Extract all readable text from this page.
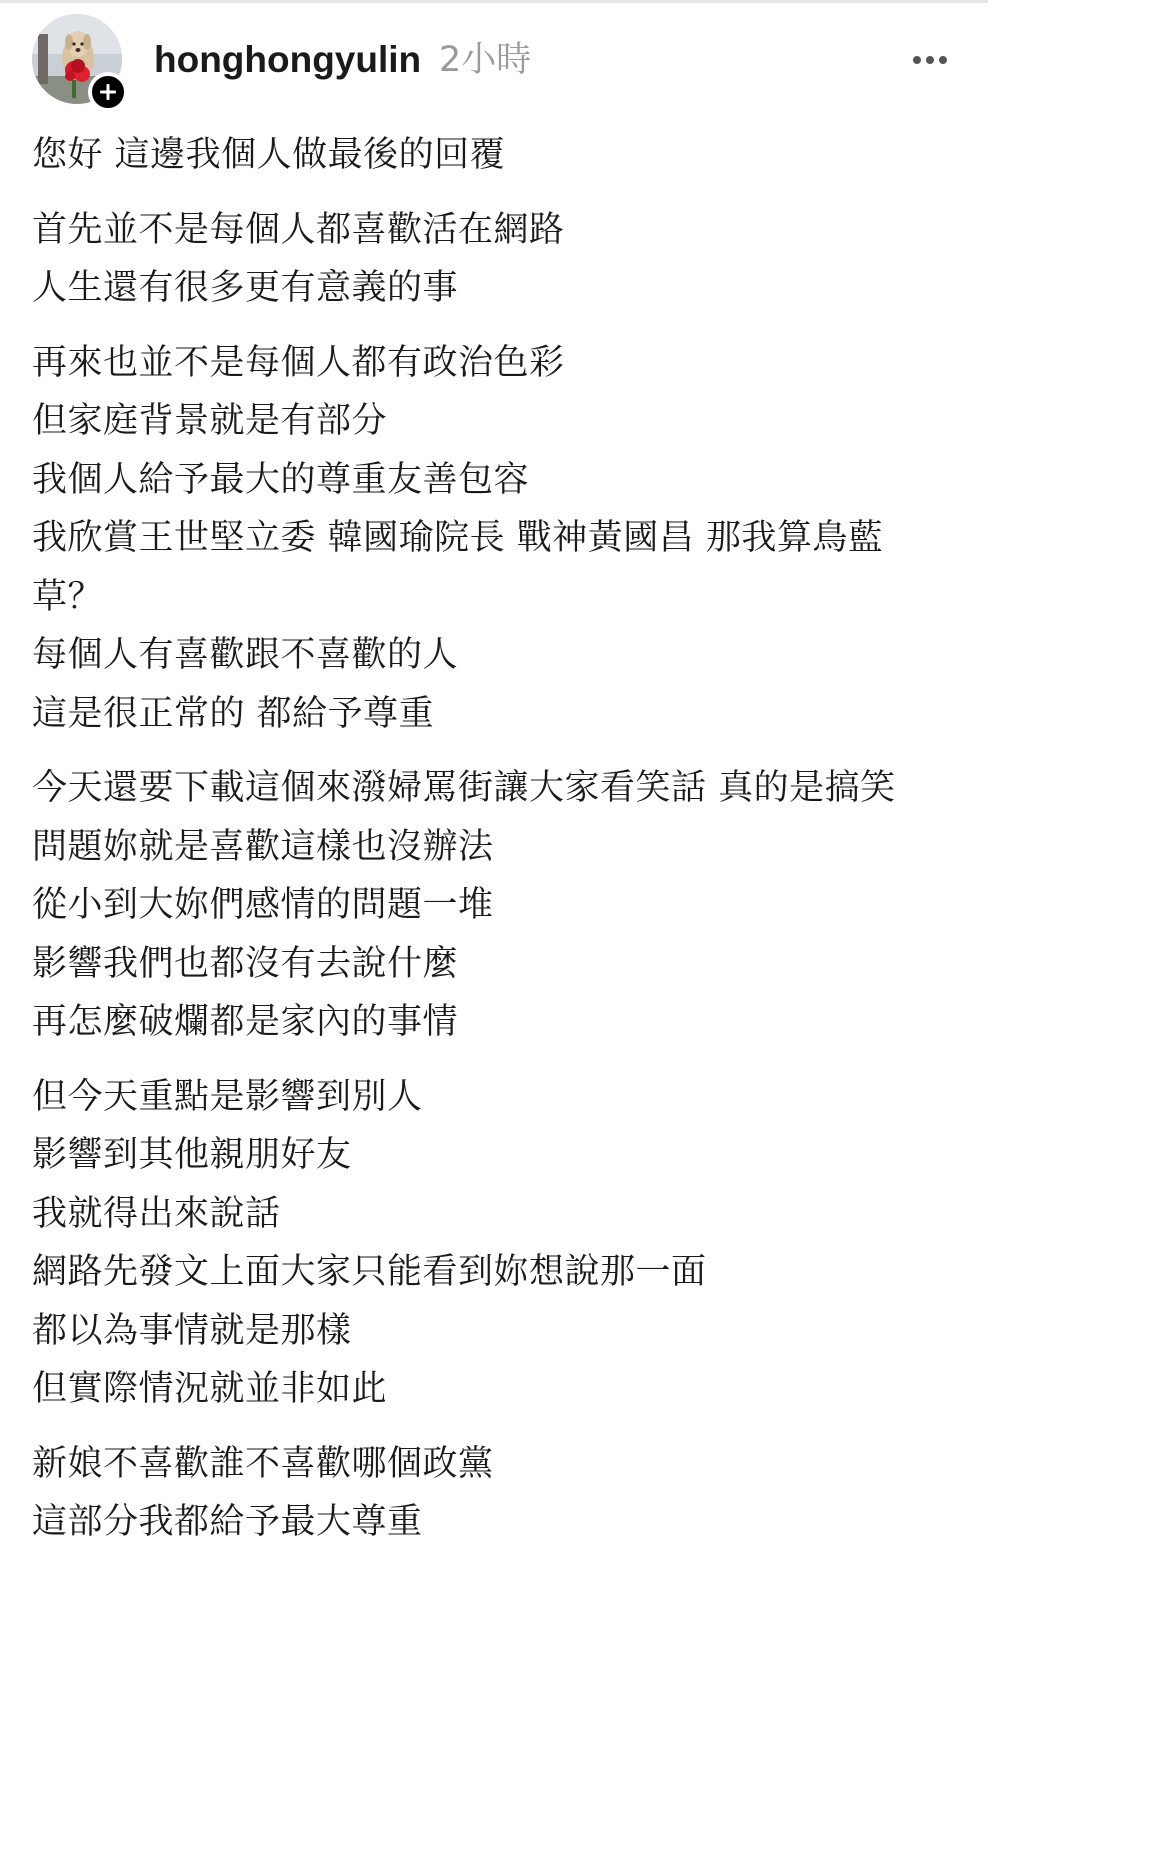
honghongyulin 2小時
您好 這邊我個人做最後的回覆
首先並不是每個人都喜歡活在網路
人生還有很多更有意義的事
再來也並不是每個人都有政治色彩
但家庭背景就是有部分
我個人給予最大的尊重友善包容
我欣賞王世堅立委 韓國瑜院長 戰神黃國昌 那我算鳥藍草？
每個人有喜歡跟不喜歡的人
這是很正常的 都給予尊重
今天還要下載這個來潑婦罵街讓大家看笑話 真的是搞笑
問題妳就是喜歡這樣也沒辦法
從小到大妳們感情的問題一堆
影響我們也都沒有去說什麼
再怎麼破爛都是家內的事情
但今天重點是影響到別人
影響到其他親朋好友
我就得出來說話
網路先發文上面大家只能看到妳想說那一面
都以為事情就是那樣
但實際情況就並非如此
新娘不喜歡誰不喜歡哪個政黨
這部分我都給予最大尊重
